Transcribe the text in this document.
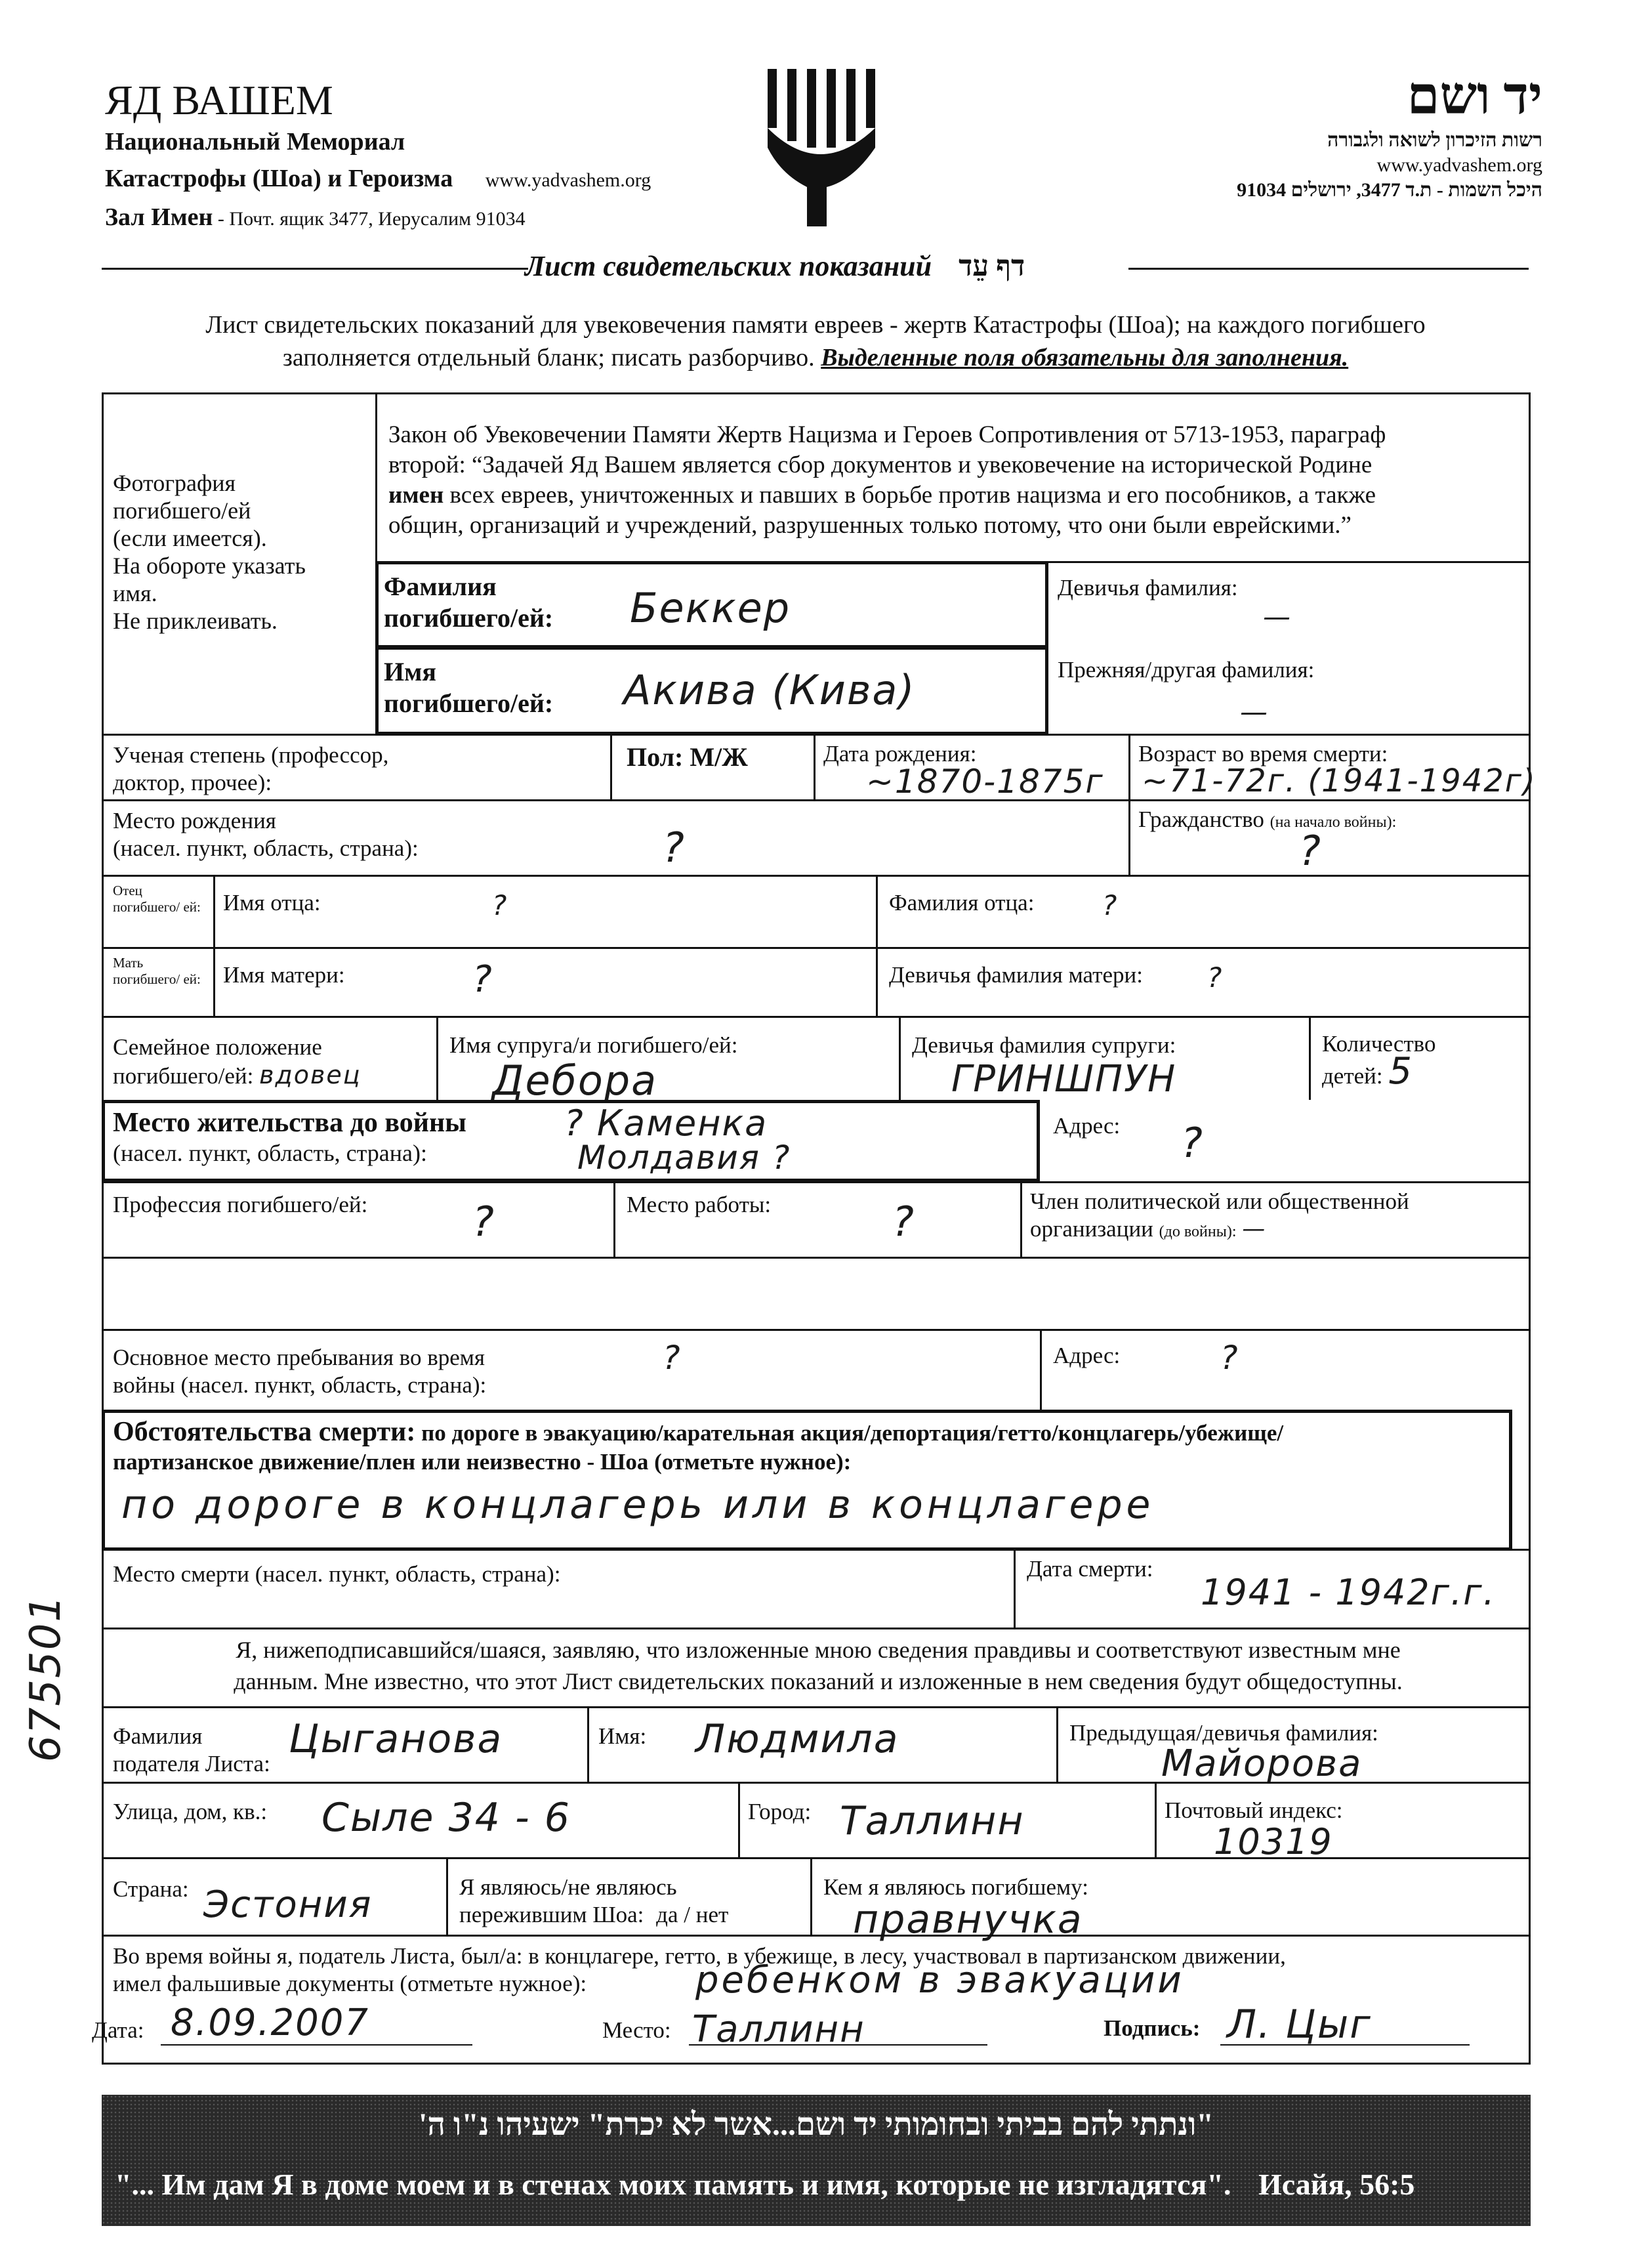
ЯД ВАШЕМ
Национальный Мемориал
Катастрофы (Шоа) и Героизма www.yadvashem.org
Зал Имен - Почт. ящик 3477, Иерусалим 91034
יד ושם
רשות הזיכרון לשואה ולגבורה
www.yadvashem.org
היכל השמות - ת.ד 3477, ירושלים 91034
Лист свидетельских показаний דף עֵד
Лист свидетельских показаний для увековечения памяти евреев - жертв Катастрофы (Шоа); на каждого погибшего
заполняется отдельный бланк; писать разборчиво. Выделенные поля обязательны для заполнения.
Фотография
погибшего/ей
(если имеется).
На обороте указать
имя.
Не приклеивать.
Закон об Увековечении Памяти Жертв Нацизма и Героев Сопротивления от 5713-1953, параграф
второй: “Задачей Яд Вашем является сбор документов и увековечение на исторической Родине
имен всех евреев, уничтоженных и павших в борьбе против нацизма и его пособников, а также
общин, организаций и учреждений, разрушенных только потому, что они были еврейскими.”
Фамилия
погибшего/ей: Беккер	Девичья фамилия:
—
Имя
погибшего/ей: Акива (Кива)	Прежняя/другая фамилия:
—
Ученая степень (профессор,
доктор, прочее):
Пол: М/Ж	Дата рождения:
~1870-1875г
Возраст во время смерти:
~71-72г. (1941-1942г)
Место рождения
(насел. пункт, область, страна):	?
Гражданство (на начало войны):
?
Отец погибшего/ ей: Имя отца:	?	Фамилия отца: ?
Мать погибшего/ ей: Имя матери:	?	Девичья фамилия матери: ?
Семейное положение
погибшего/ей: вдовец
Имя супруга/и погибшего/ей:
Дебора
Девичья фамилия супруги:
ГРИНШПУН
Количество
детей: 5
Место жительства до войны
(насел. пункт, область, страна):
? Каменка
Молдавия ?
Адрес: ?
Профессия погибшего/ей:	?	Место работы:	?	Член политической или общественной
организации (до войны): —
Основное место пребывания во время
войны (насел. пункт, область, страна):
?	Адрес:	?
Обстоятельства смерти: по дороге в эвакуацию/карательная акция/депортация/гетто/концлагерь/убежище/
партизанское движение/плен или неизвестно - Шоа (отметьте нужное):
по дороге в концлагерь или в концлагере
Место смерти (насел. пункт, область, страна):	Дата смерти:
1941 - 1942г.г.
Я, нижеподписавшийся/шаяся, заявляю, что изложенные мною сведения правдивы и соответствуют известным мне
данным. Мне известно, что этот Лист свидетельских показаний и изложенные в нем сведения будут общедоступны.
Фамилия
подателя Листа:
Цыганова	Имя: Людмила	Предыдущая/девичья фамилия:
Майорова
Улица, дом, кв.: Сыле 34 - 6	Город: Таллинн	Почтовый индекс:
10319
Страна: Эстония	Я являюсь/не являюсь
пережившим Шоа: да / нет
Кем я являюсь погибшему:
правнучка
Во время войны я, податель Листа, был/а: в концлагере, гетто, в убежище, в лесу, участвовал в партизанском движении,
имел фальшивые документы (отметьте нужное):	ребенком в эвакуации
Дата: 8.09.2007	Место: Таллинн	Подпись: Л. Цыг
675501
"ונתתי להם בביתי ובחומותי יד ושם...אשר לא יכרת" ישעיהו נ"ו ה'
"... Им дам Я в доме моем и в стенах моих память и имя, которые не изгладятся". Исайя, 56:5
